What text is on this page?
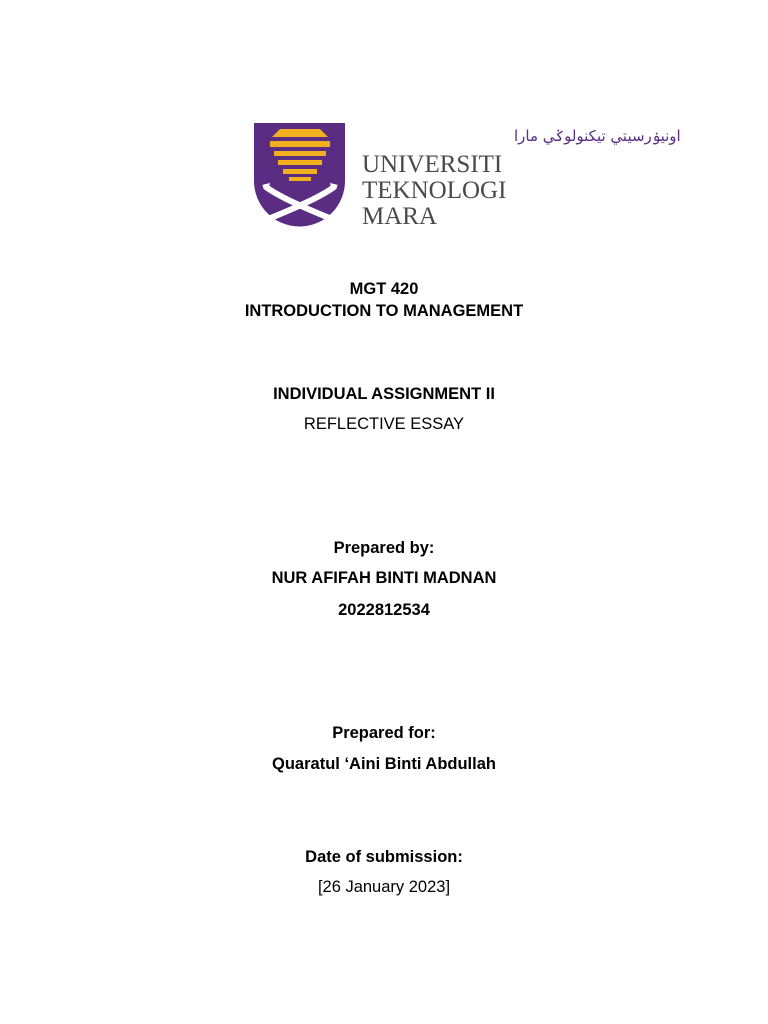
اونيۏرسيتي تيكنولوݢي مارا
UNIVERSITI
TEKNOLOGI
MARA
MGT 420
INTRODUCTION TO MANAGEMENT
INDIVIDUAL ASSIGNMENT II
REFLECTIVE ESSAY
Prepared by:
NUR AFIFAH BINTI MADNAN
2022812534
Prepared for:
Quaratul ‘Aini Binti Abdullah
Date of submission:
[26 January 2023]
